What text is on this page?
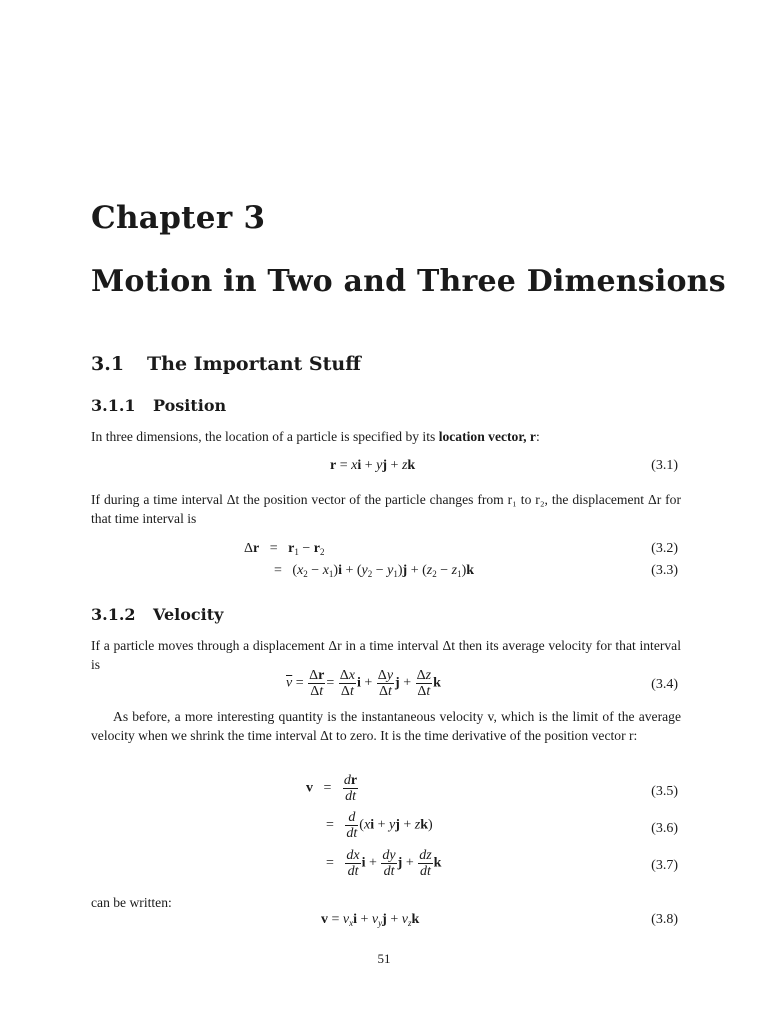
Chapter 3
Motion in Two and Three Dimensions
3.1 The Important Stuff
3.1.1 Position
In three dimensions, the location of a particle is specified by its location vector, r:
r = xi + yj + zk	(3.1)
If during a time interval Δt the position vector of the particle changes from r₁ to r₂, the displacement Δr for that time interval is
$\Delta r = r_1 - r_2$	(3.2)
=   $(x_2 - x_1)i + (y_2 - y_1)j + (z_2 - z_1)k$	(3.3)
3.1.2 Velocity
If a particle moves through a displacement Δr in a time interval Δt then its average velocity for that interval is
$\overline{v} = \frac{\Delta r}{\Delta t} = \frac{\Delta x}{\Delta t}$ $i + \frac{\Delta y}{\Delta t}$ $j + \frac{\Delta z}{\Delta t}$ k	(3.4)
As before, a more interesting quantity is the instantaneous velocity v, which is the limit of the average velocity when we shrink the time interval Δt to zero. It is the time derivative of the position vector r:
$v = \frac{dr}{dt}$	(3.5)
= $\frac{d}{dt} (xi$ + yj + zk)	(3.6)
= $\frac{dx}{dt}$ $i + \frac{dy}{dt}$ $j + \frac{dz}{dt}$ k	(3.7)
can be written:
$v = v_xi + v_yj + v_zk$	(3.8)
51
